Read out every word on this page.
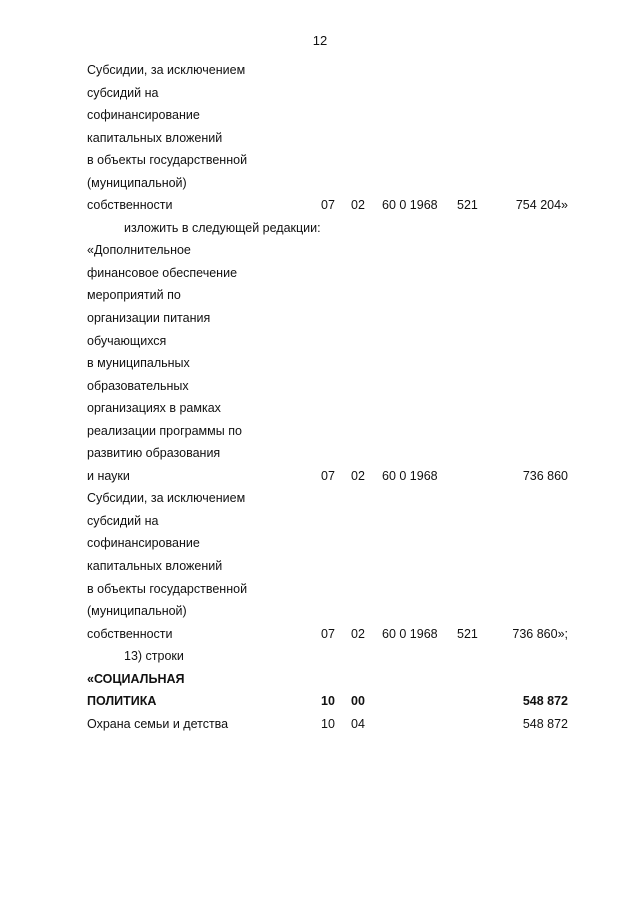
12
Субсидии, за исключением
субсидий на
софинансирование
капитальных вложений
в объекты государственной
(муниципальной)
собственности	07 02 60 0 1968 521	754 204»
изложить в следующей редакции:
«Дополнительное
финансовое обеспечение
мероприятий по
организации питания
обучающихся
в муниципальных
образовательных
организациях в рамках
реализации программы по
развитию образования
и науки	07 02 60 0 1968	736 860
Субсидии, за исключением
субсидий на
софинансирование
капитальных вложений
в объекты государственной
(муниципальной)
собственности	07 02 60 0 1968 521	736 860»;
13) строки
«СОЦИАЛЬНАЯ
ПОЛИТИКА	10 00	548 872
Охрана семьи и детства	10 04	548 872
